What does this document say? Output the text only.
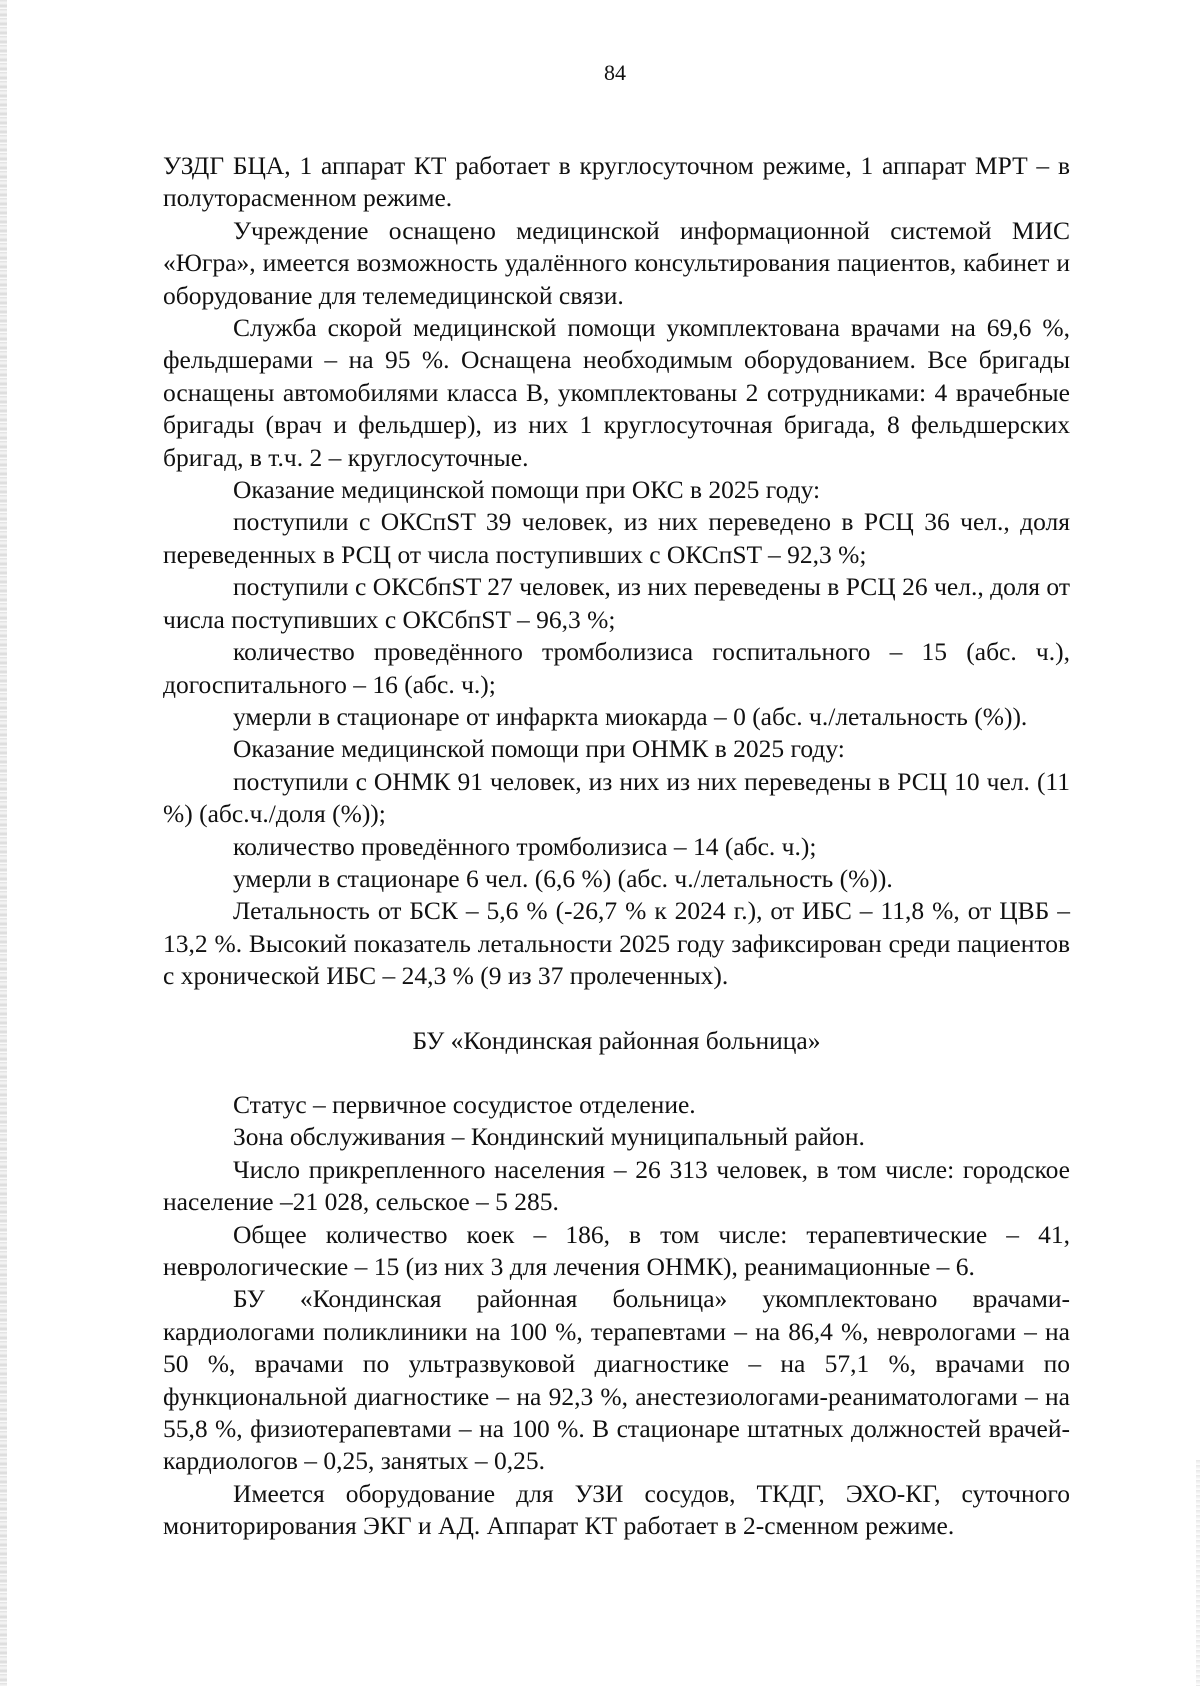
84

УЗДГ БЦА, 1 аппарат КТ работает в круглосуточном режиме, 1 аппарат МРТ – в полуторасменном режиме.

Учреждение оснащено медицинской информационной системой МИС «Югра», имеется возможность удалённого консультирования пациентов, кабинет и оборудование для телемедицинской связи.

Служба скорой медицинской помощи укомплектована врачами на 69,6 %, фельдшерами – на 95 %. Оснащена необходимым оборудованием. Все бригады оснащены автомобилями класса В, укомплектованы 2 сотрудниками: 4 врачебные бригады (врач и фельдшер), из них 1 круглосуточная бригада, 8 фельдшерских бригад, в т.ч. 2 – круглосуточные.

Оказание медицинской помощи при ОКС в 2025 году:

поступили с ОКСпST 39 человек, из них переведено в РСЦ 36 чел., доля переведенных в РСЦ от числа поступивших с ОКСпST – 92,3 %;

поступили с ОКСбпST 27 человек, из них переведены в РСЦ 26 чел., доля от числа поступивших с ОКСбпST – 96,3 %;

количество проведённого тромболизиса госпитального – 15 (абс. ч.), догоспитального – 16 (абс. ч.);

умерли в стационаре от инфаркта миокарда – 0 (абс. ч./летальность (%)).

Оказание медицинской помощи при ОНМК в 2025 году:

поступили с ОНМК 91 человек, из них из них переведены в РСЦ 10 чел. (11 %) (абс.ч./доля (%));

количество проведённого тромболизиса – 14 (абс. ч.);

умерли в стационаре 6 чел. (6,6 %) (абс. ч./летальность (%)).

Летальность от БСК – 5,6 % (-26,7 % к 2024 г.), от ИБС – 11,8 %, от ЦВБ – 13,2 %. Высокий показатель летальности 2025 году зафиксирован среди пациентов с хронической ИБС – 24,3 % (9 из 37 пролеченных).

БУ «Кондинская районная больница»

Статус – первичное сосудистое отделение.

Зона обслуживания – Кондинский муниципальный район.

Число прикрепленного населения – 26 313 человек, в том числе: городское население –21 028, сельское – 5 285.

Общее количество коек – 186, в том числе: терапевтические – 41, неврологические – 15 (из них 3 для лечения ОНМК), реанимационные – 6.

БУ «Кондинская районная больница» укомплектовано врачами-кардиологами поликлиники на 100 %, терапевтами – на 86,4 %, неврологами – на 50 %, врачами по ультразвуковой диагностике – на 57,1 %, врачами по функциональной диагностике – на 92,3 %, анестезиологами-реаниматологами – на 55,8 %, физиотерапевтами – на 100 %. В стационаре штатных должностей врачей-кардиологов – 0,25, занятых – 0,25.

Имеется оборудование для УЗИ сосудов, ТКДГ, ЭХО-КГ, суточного мониторирования ЭКГ и АД. Аппарат КТ работает в 2-сменном режиме.
